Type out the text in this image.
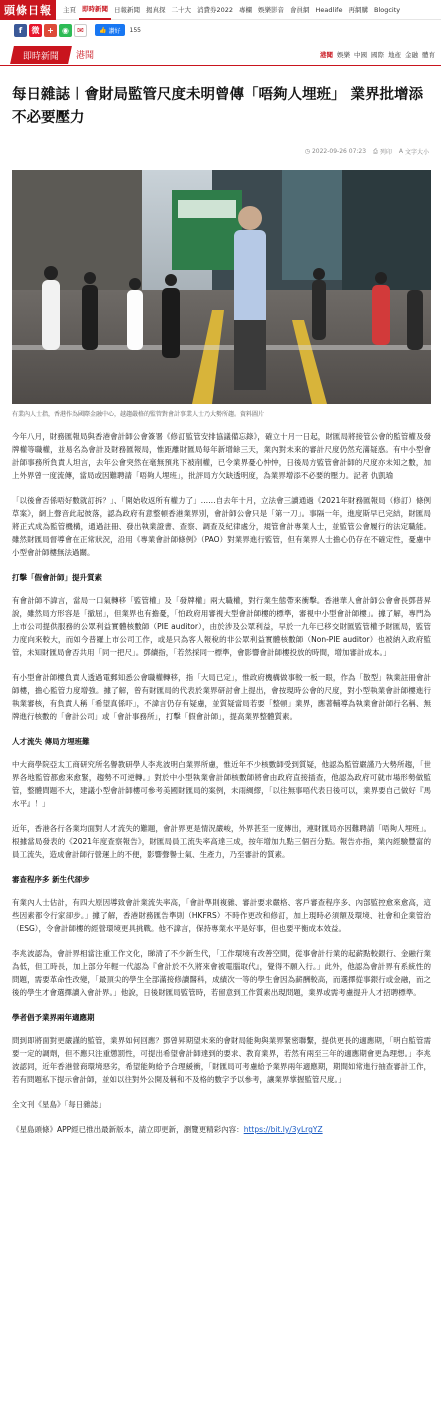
頭條日報	主頁 即時新聞 日報新聞 揭真探 二十大 消費券2022 專欄 娛樂影音 會員網 Headlife 再網購 Blogcity
f	微 +	◉	✉	👍 讚好 155
即時新聞 港聞	港聞 娛樂 中國 國際 地產 金融 體育
每日雜誌︱會財局監管尺度未明曾傳「唔夠人埋班」 業界批增添不必要壓力
◷ 2022-09-26 07:23 ⎙ 列印 A 文字大小
有業內人士指，香港作為國際金融中心，越趨嚴格的監管對會計事業人士乃大勢所趨。資料圖片

今年八月，財務匯報局與香港會計師公會簽署《修訂監管安排協議備忘錄》，確立十月一日起，財匯局將接管公會的監管權及發牌權等職權，並易名為會計及財務匯報局，惟距離財匯局每年新增餘三天，業內對未來的審計尺度仍然充滿疑惑。有中小型會計師事務所負責人坦言，去年公會突然在毫無預兆下被削權，已令業界憂心忡忡，日後局方監管會計師的尺度亦未知之數，加上外界曾一度流傳，當局或因難聘請「唔夠人埋班」，批評局方欠缺透明度，為業界增添不必要的壓力。記者 仇凱瑜

「以後會否係唔好數就訂拆？」、「開始收返所有權力了」……自去年十月，立法會三讀通過《2021年財務匯報局（修訂）條例草案》，網上聲音此起彼落，認為政府有意整頓香港業界別，會計師公會只是「第一刀」。事隔一年，進度斯早已完結，財匯局將正式成為監管機構，通過註冊、發出執業證書、查察、調查及紀律處分，規管會計專業人士，並監管公會履行的法定職能。雖然財匯局督導會在正常狀況，沿用《專業會計師條例》（PAO）對業界進行監管，但有業界人士擔心仍存在不確定性，憂慮中小型會計師樓無法過關。

打擊「假會計師」提升質素

有會計師不諱言，當局一口氣轉移「監管權」及「發牌權」兩大職權，對行業生態帶來衝擊。香港華人會計師公會會長鄧普昇說，雖然局方形容是「撤屈」，但業界也有擔憂，「怕政府用審視大型會計師樓的標準，審視中小型會計師樓」。據了解，專門為上市公司提供服務的公眾利益實體核數師（PIE auditor），由於涉及公眾利益，早於一九年已移交財匯監管權予財匯局，監管力度向來較大，而如今普羅上市公司工作，或是只為客人報稅的非公眾利益實體核數師（Non-PIE auditor）也被納入政府監管，未知財匯局會否共用「同一把尺」。鄧續指，「若然採同一標準，會影響會計師樓投放的時間，增加審計成本。」

有小型會計師樓負責人透過電郵知悉公會職權轉移，指「大局已定」，惟政府機構做事較一板一眼，作為「散型」執業註冊會計師樓，擔心監管力度增強。據了解，曾有財匯局的代表於業界研討會上提出，會按現時公會的尺度，對小型執業會計師樓進行執業審核，有負責人稱「希望真係吓」，不諱言仍存有疑慮，並質疑當局若要「整頓」業界，應著輔導為執業會計師行名稱、無牌進行核數的「會計公司」或「會計事務所」，打擊「假會計師」，提高業界整體質素。

人才流失 傳局方埋班難

中大商學院亞太工商研究所名譽教研學人李兆波明白業界所慮，惟近年不少核數師受到質疑，他認為監管嚴謹乃大勢所趨，「世界各地監管都愈來愈緊，趨勢不可逆轉。」對於中小型執業會計師核數師將會由政府直接插查，他認為政府可就市場形勢做監管，整體問題不大，建議小型會計師樓可參考美國財匯局的案例，未雨綢繆，「以往無事唔代表日後可以，業界要自己做好『馬水平』！」

近年，香港各行各業均面對人才流失的難題，會計界更是情況嚴峻，外界甚至一度傳出，連財匯局亦因難聘請「唔夠人埋班」。根據當局發表的《2021年度查察報告》，財匯局員工流失率高達三成，按年增加九點三個百分點。報告亦指，業內經驗豐富的員工流失，造成會計師行營運上的不便，影響聲譽士氣、生產力，乃至審計的質素。

審查程序多 新生代卻步

有業內人士估計，有四大原因導致會計業流失率高，「會計準則複雜、審計要求嚴格、客戶審查程序多、內部監控愈來愈高，這些因素都令行家卻步。」據了解，香港財務匯告準則（HKFRS）不時作更改和修訂，加上現時必須額及環境、社會和企業管治（ESG），令會計師樓的經營環境更具挑戰。他不諱言，保持專業水平是好事，但也要平衡成本效益。

李兆波認為，會計界相當注重工作文化，睇清了不少新生代，「工作環境有改善空間，從事會計行業的起薪點較銀行、金融行業為低，但工時長，加上部分年輕一代認為『會計於不久將來會被電腦取代』，覺得不願入行。」此外，他認為會計界有系統性的問題，需要革命性改變，「最頂尖的學生全部滿接修讀醫科，成績次一等的學生會因為薪酬較高，而選擇從事銀行或金融，而之後的學生才會選擇讀入會計界。」他說，日後財匯局監管時，若留意到工作質素出現問題，業界或需考慮提升人才招聘標準。

學者倡予業界兩年適應期

問到即將面對更嚴謹的監管，業界如何回應？鄧曾昇期望未來的會財局能夠與業界緊密聯繫，提供更長的適應期，「明白監管需要一定的調劑，但不應只注重懲罰性，可提出希望會計師達到的要求、教育業界，若然有兩至三年的適應期會更為理想。」李兆波認同，近年香港營商環境惡劣，希望能夠給予合理緩衝，「財匯局可考慮給予業界兩年適應期，期間如常進行抽查審計工作，若有問題私下提示會計師，並如以往對外公開及稱和不及格的數字予以參考，讓業界掌握監管尺度。」

全文刊《星島》「每日雜誌」

《星島頭條》APP經已推出最新版本，請立即更新，瀏覽更精彩內容：https://bit.ly/3yLrgYZ
